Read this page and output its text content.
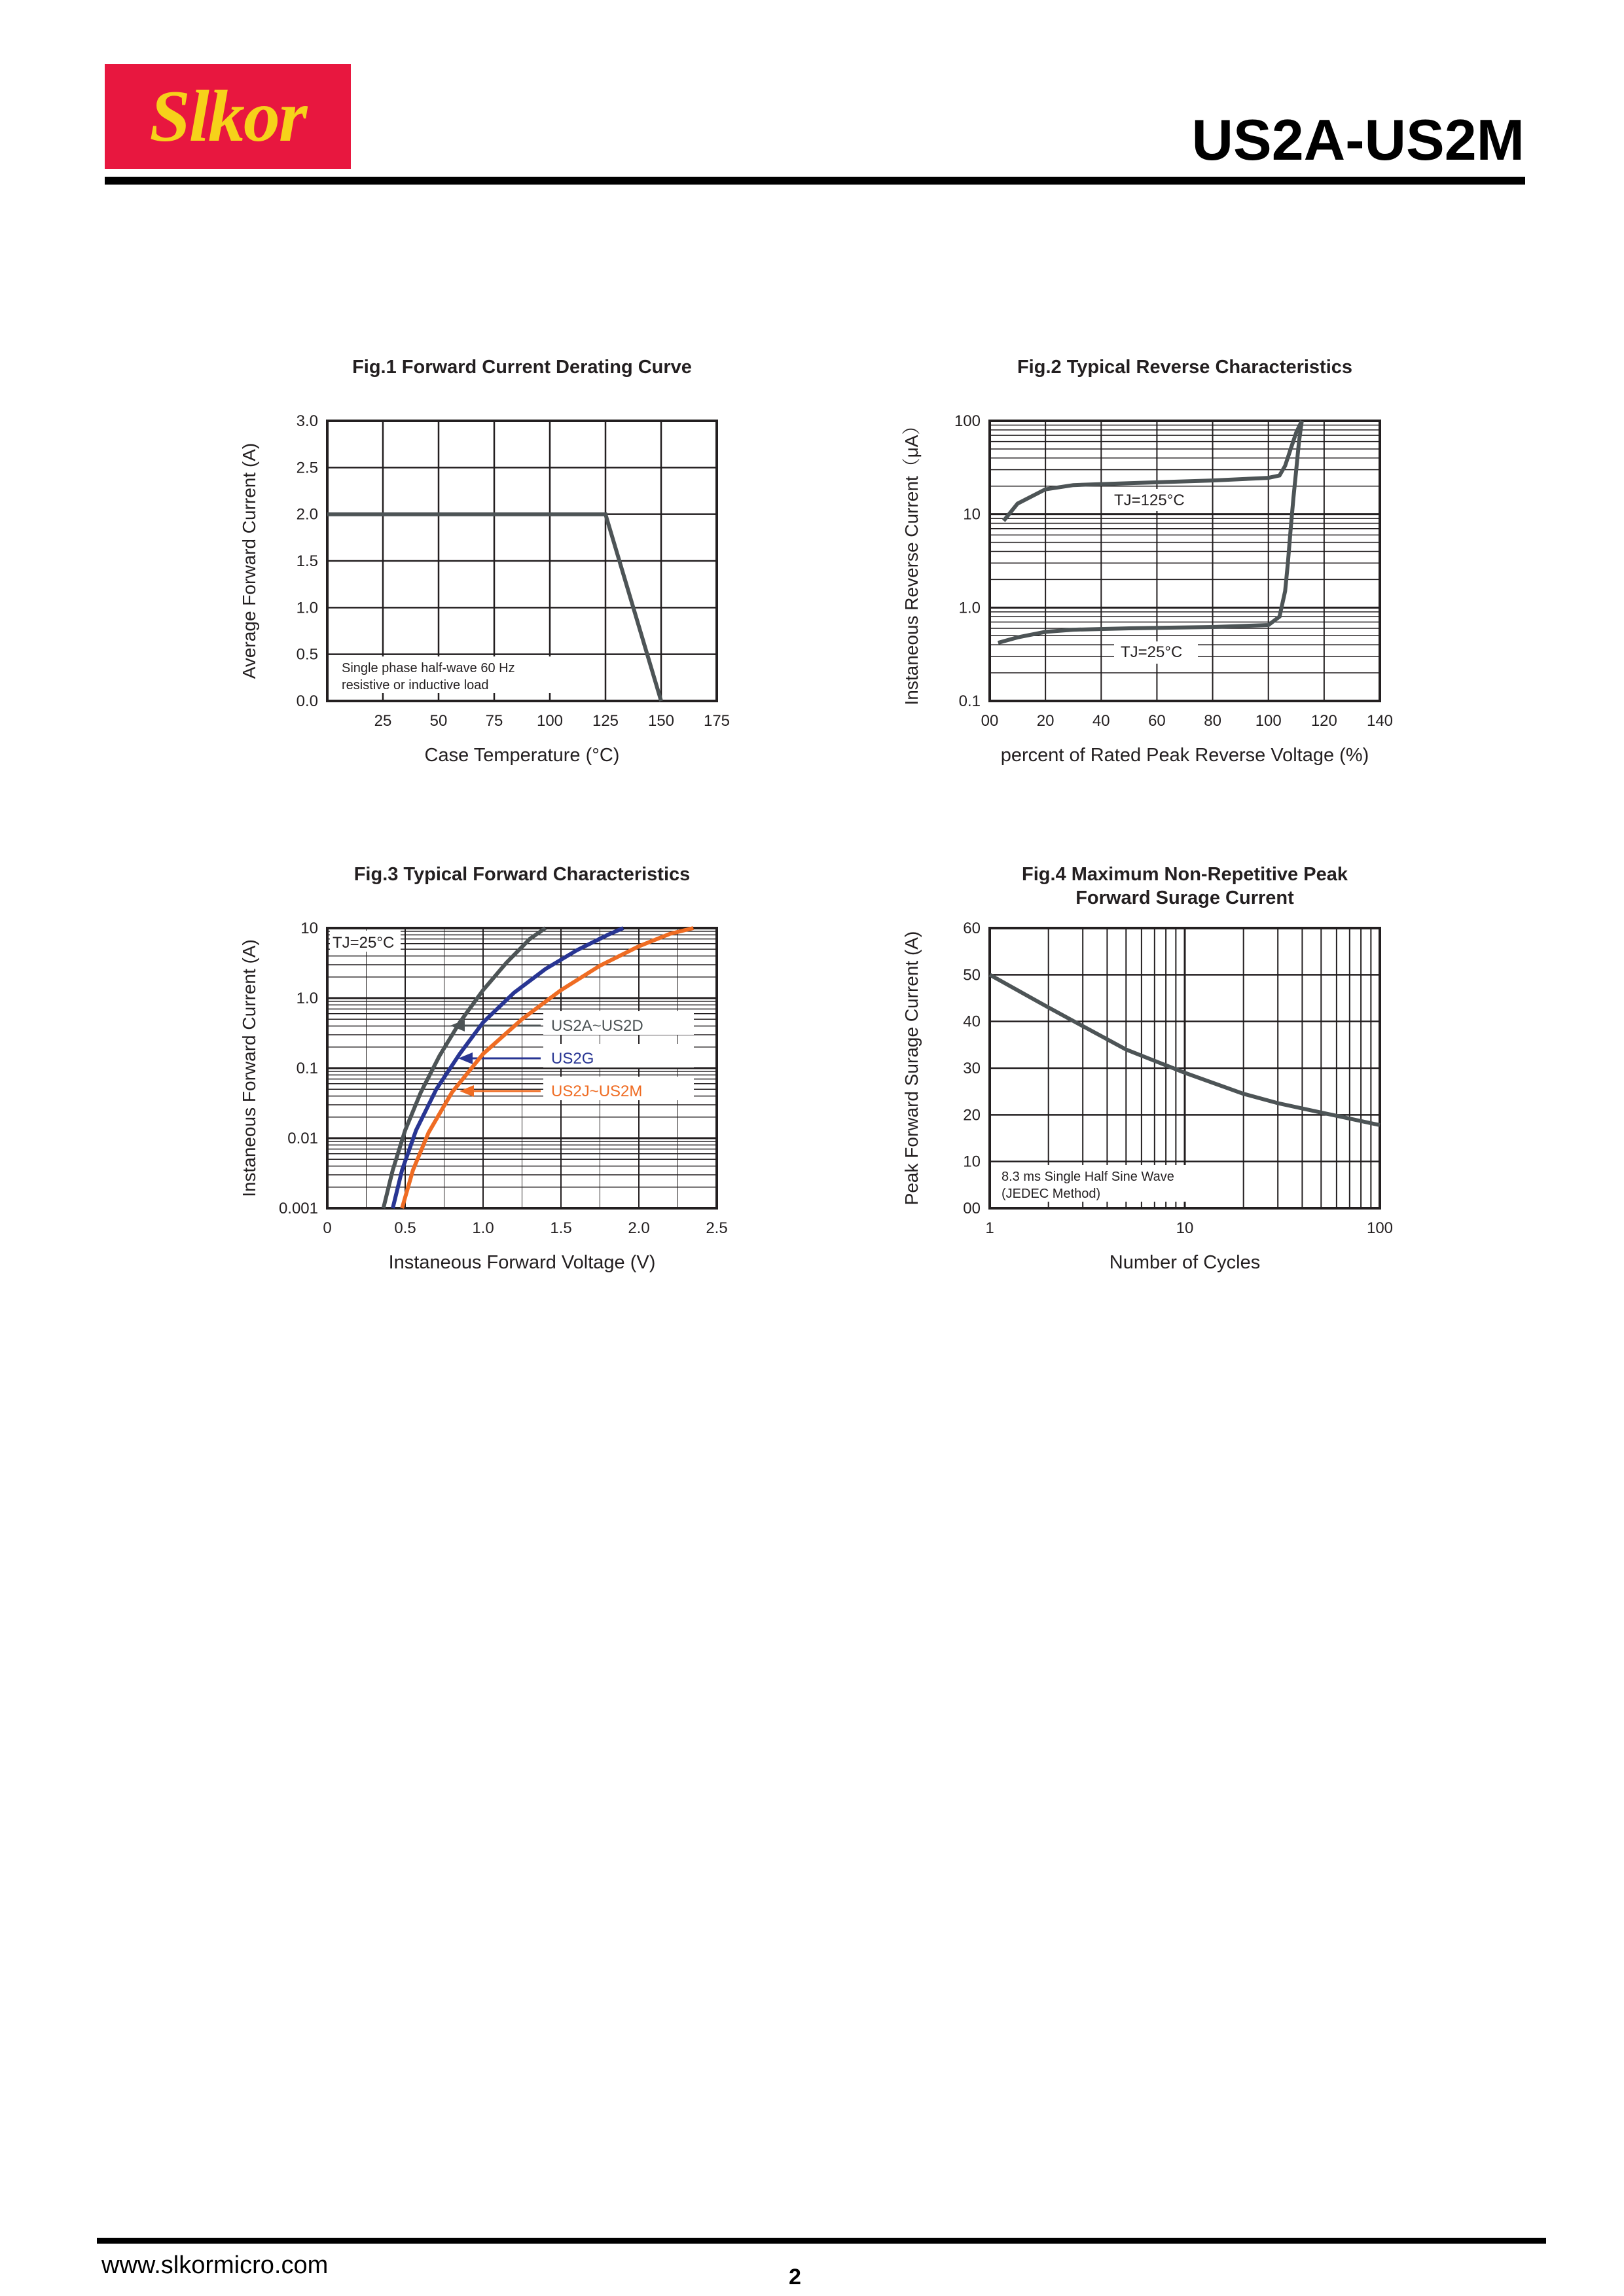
Slkor	US2A-US2M
Single phase half-wave 60 Hz
resistive or inductive load
25 50 75 100 125 150 175
0.0
0.5
1.0
1.5
2.0
2.5
3.0
Fig.1 Forward Current Derating Curve
Case Temperature (°C)
Average Forward Current (A)	TJ=125°C
TJ=25°C
00 20 40 60 80 100 120 140
0.1
1.0
10
100
Fig.2 Typical Reverse Characteristics
percent of Rated Peak Reverse Voltage (%)
Instaneous Reverse Current（μA）
TJ=25°C
US2A~US2D
US2G
US2J~US2M
0	0.5	1.0	1.5	2.0	2.5
0.001
0.01
0.1
1.0
10
Fig.3 Typical Forward Characteristics
Instaneous Forward Voltage (V)
Instaneous Forward Current (A)	8.3 ms Single Half Sine Wave
(JEDEC Method)
1	10	100
00
10
20
30
40
50
60
Fig.4 Maximum Non-Repetitive Peak
Forward Surage Current
Number of Cycles
Peak Forward Surage Current (A)
www.slkormicro.com	2
